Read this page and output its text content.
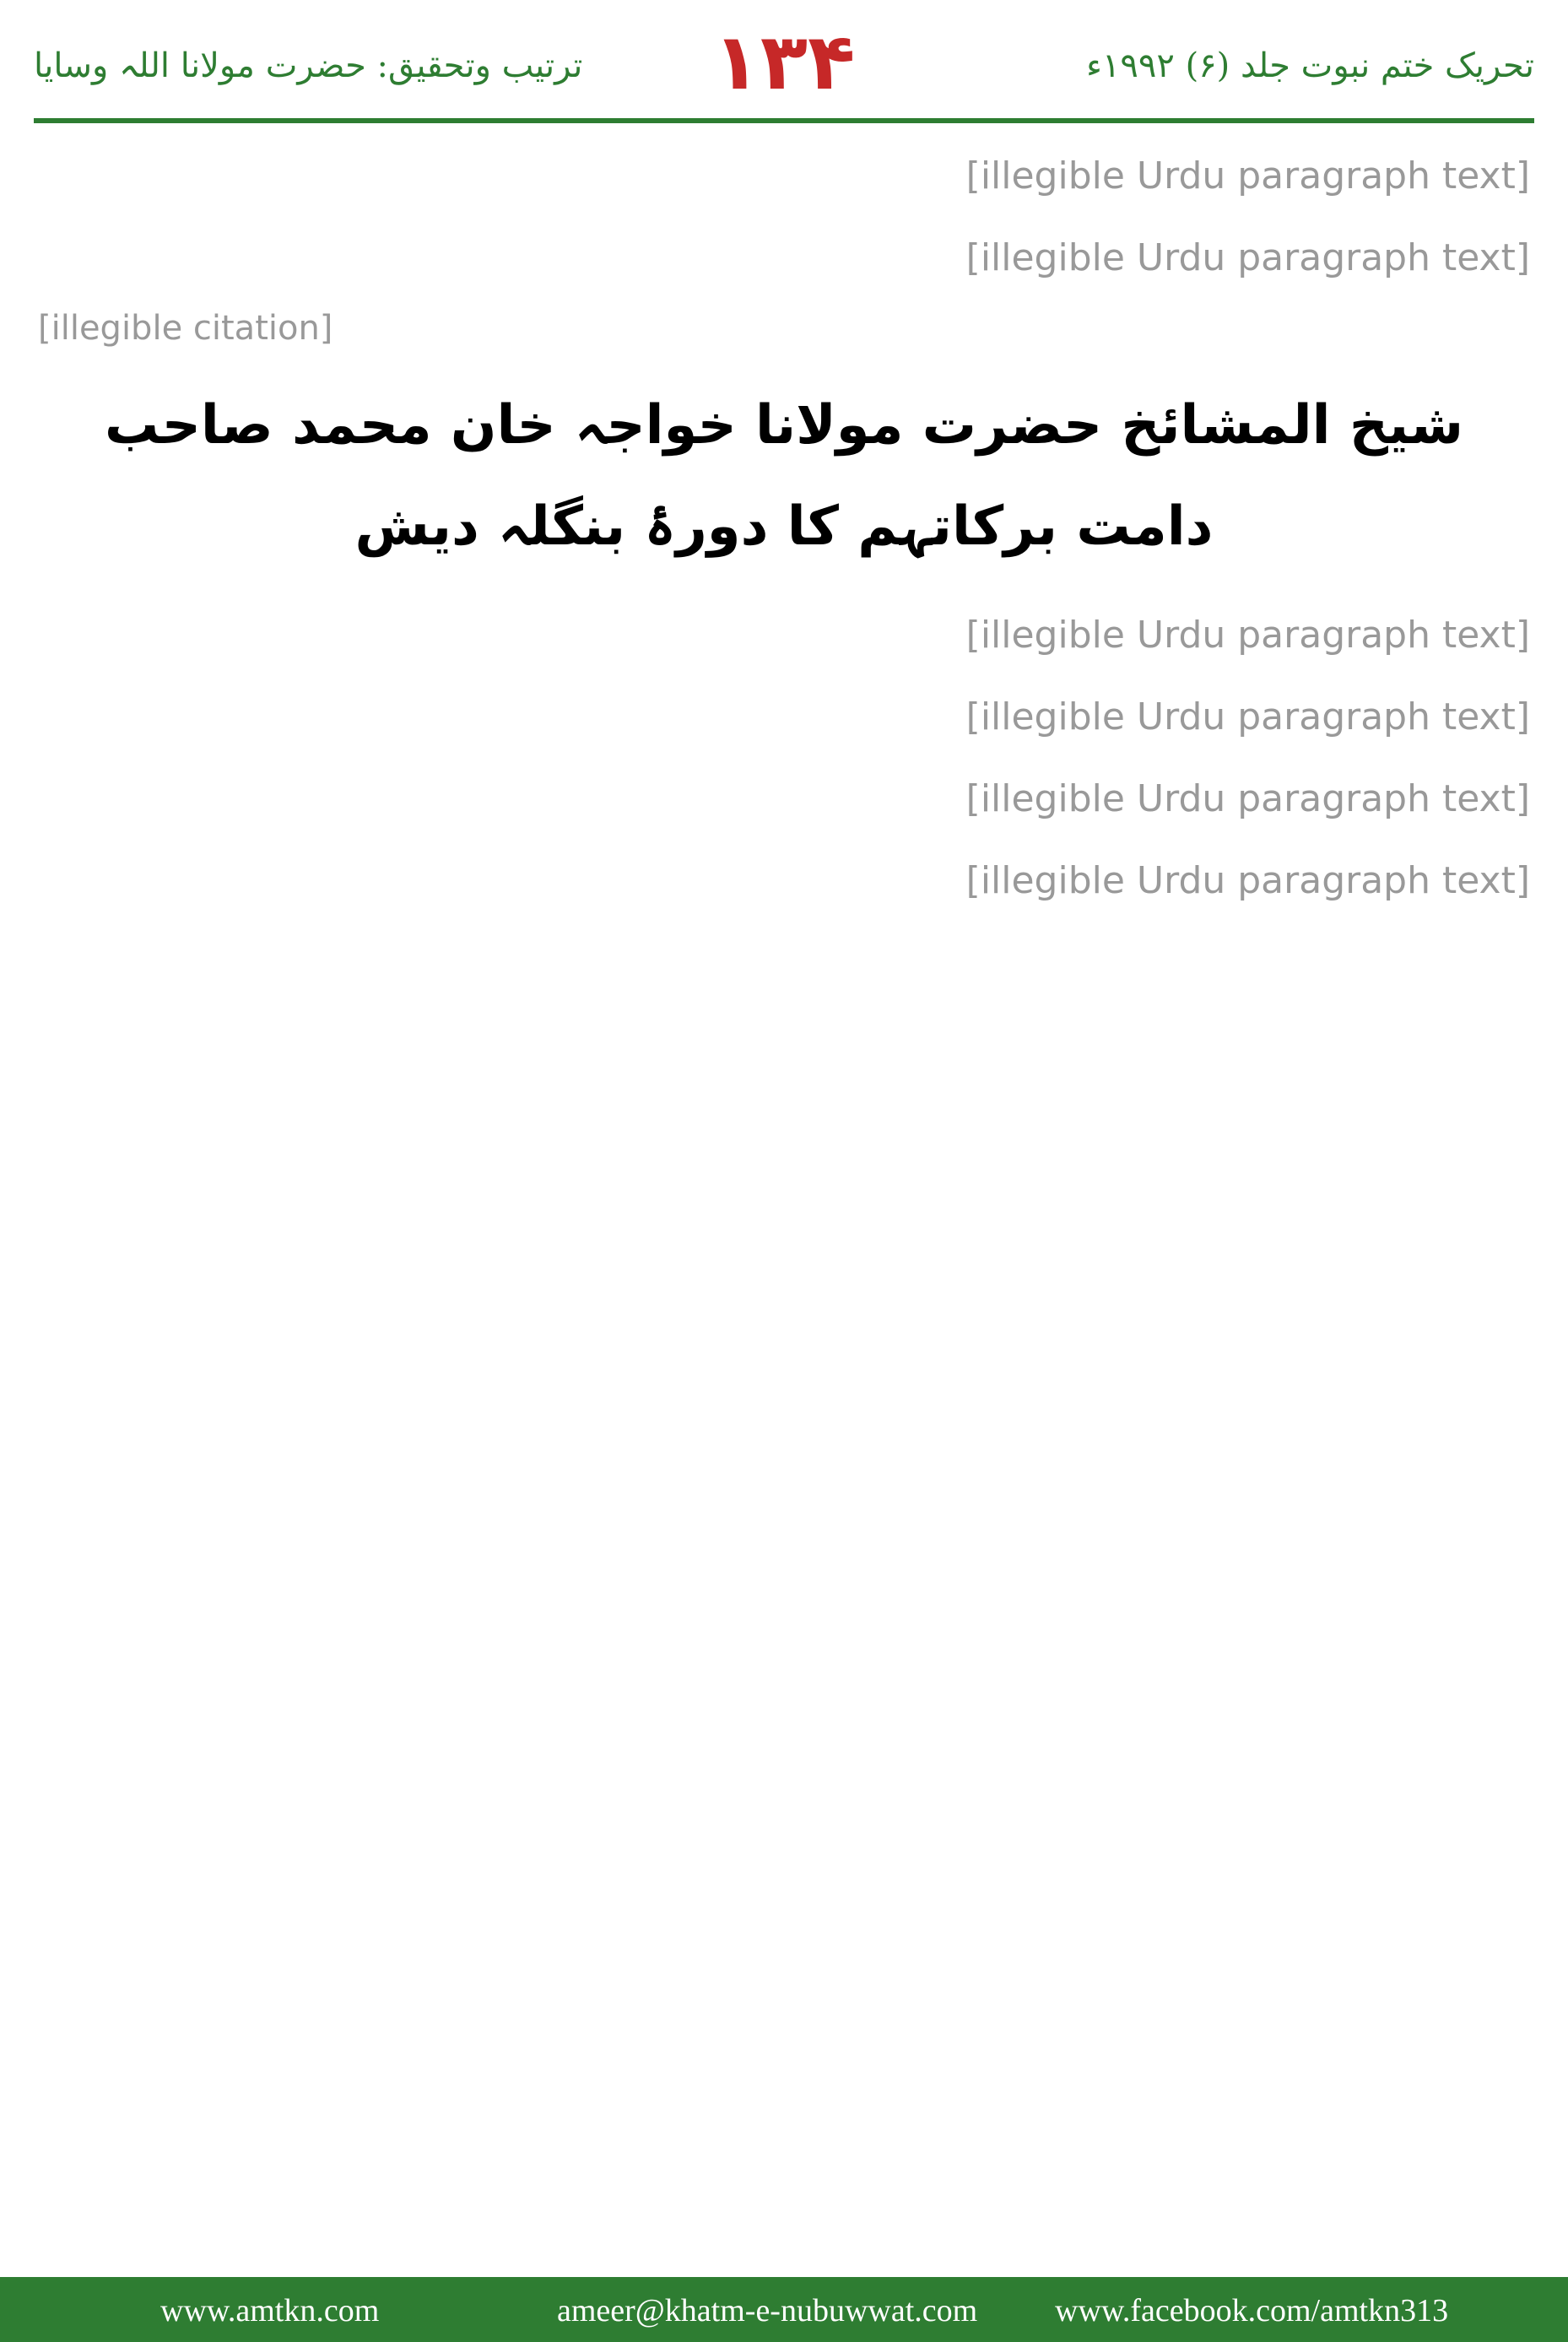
ترتیب وتحقیق: حضرت مولانا اللہ وسایا	۱۳۴	تحریک ختم نبوت جلد (۶) ۱۹۹۲ء

[illegible Urdu paragraph text]

[illegible Urdu paragraph text]

[illegible citation]
شیخ المشائخ حضرت مولانا خواجہ خان محمد صاحب دامت برکاتہم کا دورۂ بنگلہ دیش

[illegible Urdu paragraph text]

[illegible Urdu paragraph text]

[illegible Urdu paragraph text]

[illegible Urdu paragraph text]

www.amtkn.com	ameer@khatm-e-nubuwwat.com www.facebook.com/amtkn313
